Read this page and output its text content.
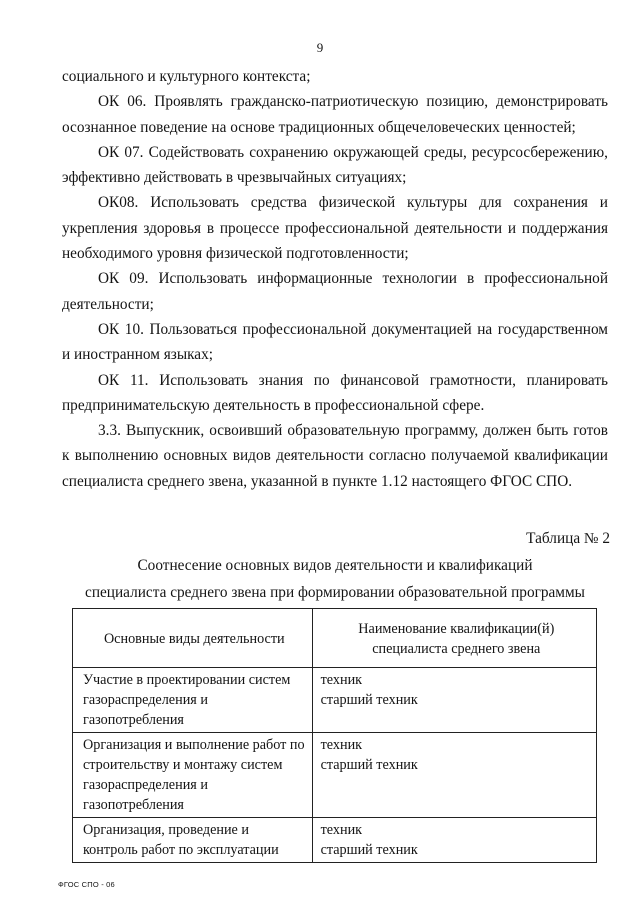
9

социального и культурного контекста;

ОК 06. Проявлять гражданско-патриотическую позицию, демонстрировать осознанное поведение на основе традиционных общечеловеческих ценностей;

ОК 07. Содействовать сохранению окружающей среды, ресурсосбережению, эффективно действовать в чрезвычайных ситуациях;

ОК08. Использовать средства физической культуры для сохранения и укрепления здоровья в процессе профессиональной деятельности и поддержания необходимого уровня физической подготовленности;

ОК 09. Использовать информационные технологии в профессиональной деятельности;

ОК 10. Пользоваться профессиональной документацией на государственном и иностранном языках;

ОК 11. Использовать знания по финансовой грамотности, планировать предпринимательскую деятельность в профессиональной сфере.

3.3. Выпускник, освоивший образовательную программу, должен быть готов к выполнению основных видов деятельности согласно получаемой квалификации специалиста среднего звена, указанной в пункте 1.12 настоящего ФГОС СПО.

Таблица № 2
Соотнесение основных видов деятельности и квалификаций
специалиста среднего звена при формировании образовательной программы
Основные виды деятельности	Наименование квалификации(й)
специалиста среднего звена

Участие в проектировании систем газораспределения и газопотребления	техник
старший техник

Организация и выполнение работ по строительству и монтажу систем газораспределения и газопотребления	техник
старший техник

Организация, проведение и контроль работ по эксплуатации	техник
старший техник
ФГОС СПО - 06
